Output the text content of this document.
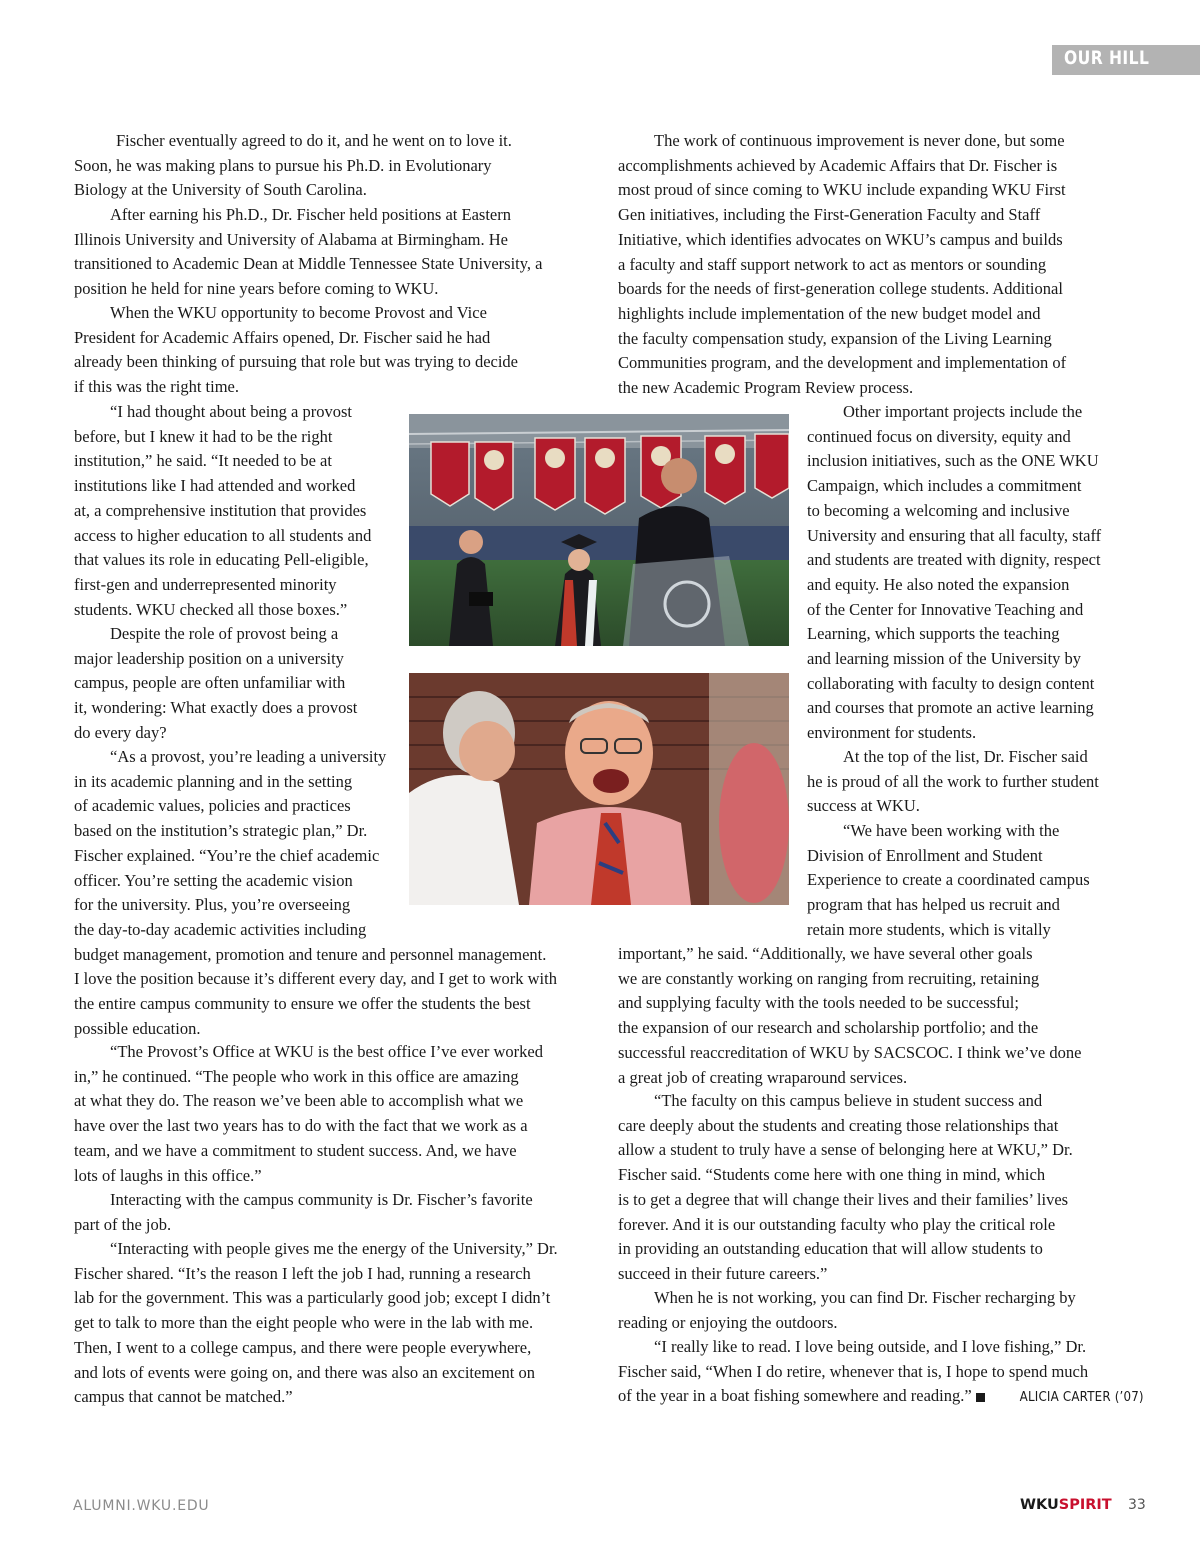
OUR HILL

Fischer eventually agreed to do it, and he went on to love it.
Soon, he was making plans to pursue his Ph.D. in Evolutionary
Biology at the University of South Carolina.

After earning his Ph.D., Dr. Fischer held positions at Eastern
Illinois University and University of Alabama at Birmingham. He
transitioned to Academic Dean at Middle Tennessee State University, a
position he held for nine years before coming to WKU.

When the WKU opportunity to become Provost and Vice
President for Academic Affairs opened, Dr. Fischer said he had
already been thinking of pursuing that role but was trying to decide
if this was the right time.

“I had thought about being a provost
before, but I knew it had to be the right
institution,” he said. “It needed to be at
institutions like I had attended and worked
at, a comprehensive institution that provides
access to higher education to all students and
that values its role in educating Pell-eligible,
first-gen and underrepresented minority
students. WKU checked all those boxes.”

Despite the role of provost being a
major leadership position on a university
campus, people are often unfamiliar with
it, wondering: What exactly does a provost
do every day?

“As a provost, you’re leading a university
in its academic planning and in the setting
of academic values, policies and practices
based on the institution’s strategic plan,” Dr.
Fischer explained. “You’re the chief academic
officer. You’re setting the academic vision
for the university. Plus, you’re overseeing
the day-to-day academic activities including
budget management, promotion and tenure and personnel management.
I love the position because it’s different every day, and I get to work with
the entire campus community to ensure we offer the students the best
possible education.

“The Provost’s Office at WKU is the best office I’ve ever worked
in,” he continued. “The people who work in this office are amazing
at what they do. The reason we’ve been able to accomplish what we
have over the last two years has to do with the fact that we work as a
team, and we have a commitment to student success. And, we have
lots of laughs in this office.”

Interacting with the campus community is Dr. Fischer’s favorite
part of the job.

“Interacting with people gives me the energy of the University,” Dr.
Fischer shared. “It’s the reason I left the job I had, running a research
lab for the government. This was a particularly good job; except I didn’t
get to talk to more than the eight people who were in the lab with me.
Then, I went to a college campus, and there were people everywhere,
and lots of events were going on, and there was also an excitement on
campus that cannot be matched.”

The work of continuous improvement is never done, but some
accomplishments achieved by Academic Affairs that Dr. Fischer is
most proud of since coming to WKU include expanding WKU First
Gen initiatives, including the First-Generation Faculty and Staff
Initiative, which identifies advocates on WKU’s campus and builds
a faculty and staff support network to act as mentors or sounding
boards for the needs of first-generation college students. Additional
highlights include implementation of the new budget model and
the faculty compensation study, expansion of the Living Learning
Communities program, and the development and implementation of
the new Academic Program Review process.

Other important projects include the
continued focus on diversity, equity and
inclusion initiatives, such as the ONE WKU
Campaign, which includes a commitment
to becoming a welcoming and inclusive
University and ensuring that all faculty, staff
and students are treated with dignity, respect
and equity. He also noted the expansion
of the Center for Innovative Teaching and
Learning, which supports the teaching
and learning mission of the University by
collaborating with faculty to design content
and courses that promote an active learning
environment for students.

At the top of the list, Dr. Fischer said
he is proud of all the work to further student
success at WKU.

“We have been working with the
Division of Enrollment and Student
Experience to create a coordinated campus
program that has helped us recruit and
retain more students, which is vitally

important,” he said. “Additionally, we have several other goals
we are constantly working on ranging from recruiting, retaining
and supplying faculty with the tools needed to be successful;
the expansion of our research and scholarship portfolio; and the
successful reaccreditation of WKU by SACSCOC. I think we’ve done
a great job of creating wraparound services.

“The faculty on this campus believe in student success and
care deeply about the students and creating those relationships that
allow a student to truly have a sense of belonging here at WKU,” Dr.
Fischer said. “Students come here with one thing in mind, which
is to get a degree that will change their lives and their families’ lives
forever. And it is our outstanding faculty who play the critical role
in providing an outstanding education that will allow students to
succeed in their future careers.”

When he is not working, you can find Dr. Fischer recharging by
reading or enjoying the outdoors.

“I really like to read. I love being outside, and I love fishing,” Dr.
Fischer said, “When I do retire, whenever that is, I hope to spend much
of the year in a boat fishing somewhere and reading.”	ALICIA CARTER (’07)

ALUMNI.WKU.EDU	WKUSPIRIT 33
